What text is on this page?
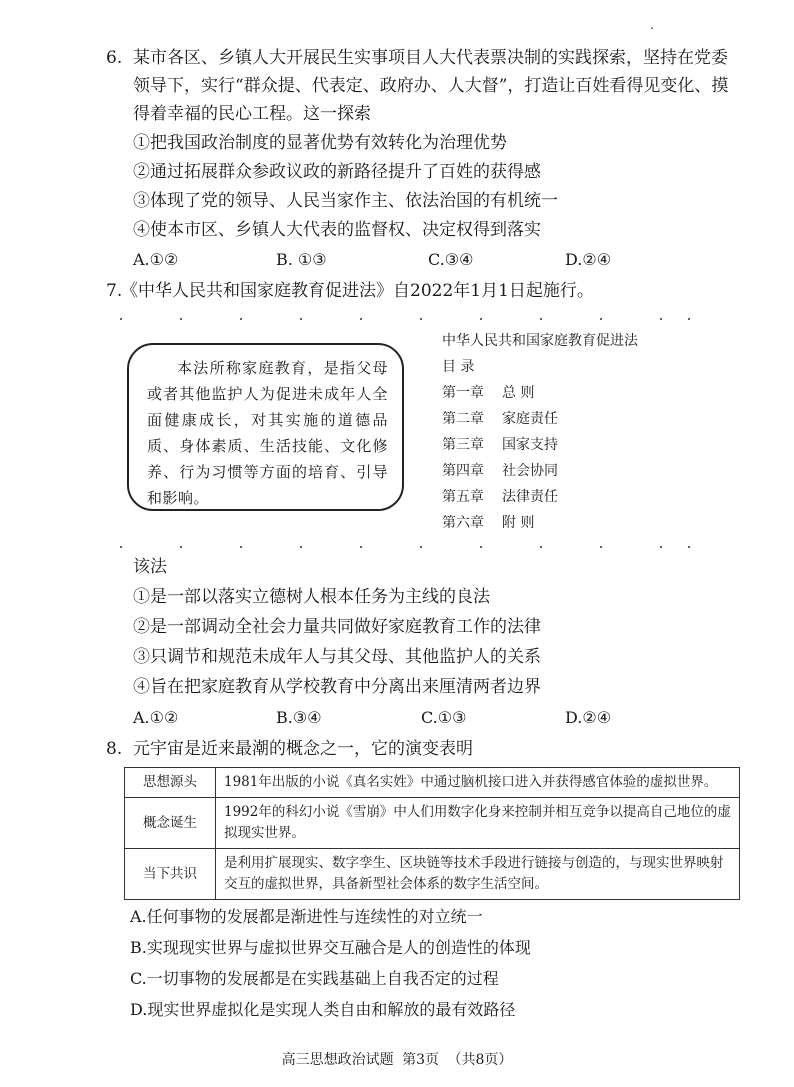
.
6. 某市各区、乡镇人大开展民生实事项目人大代表票决制的实践探索，坚持在党委
领导下，实行“群众提、代表定、政府办、人大督”，打造让百姓看得见变化、摸
得着幸福的民心工程。这一探索
①把我国政治制度的显著优势有效转化为治理优势
②通过拓展群众参政议政的新路径提升了百姓的获得感
③体现了党的领导、人民当家作主、依法治国的有机统一
④使本市区、乡镇人大代表的监督权、决定权得到落实
A.①②	B. ①③	C.③④	D.②④
7.
《中华人民共和国家庭教育促进法》自2022年1月1日起施行。
本法所称家庭教育，是指父母或者其他监护人为促进未成年人全面健康成长，对其实施的道德品质、身体素质、生活技能、文化修养、行为习惯等方面的培育、引导和影响。
中华人民共和国家庭教育促进法
目 录
第一章 总 则
第二章 家庭责任
第三章 国家支持
第四章 社会协同
第五章 法律责任
第六章 附 则
该法
①是一部以落实立德树人根本任务为主线的良法
②是一部调动全社会力量共同做好家庭教育工作的法律
③只调节和规范未成年人与其父母、其他监护人的关系
④旨在把家庭教育从学校教育中分离出来厘清两者边界
A.①②	B.③④	C.①③	D.②④
8. 元宇宙是近来最潮的概念之一，它的演变表明
思想源头	1981年出版的小说《真名实姓》中通过脑机接口进入并获得感官体验的虚拟世界。
概念诞生	1992年的科幻小说《雪崩》中人们用数字化身来控制并相互竞争以提高自己地位的虚拟现实世界。
当下共识	是利用扩展现实、数字孪生、区块链等技术手段进行链接与创造的，与现实世界映射交互的虚拟世界，具备新型社会体系的数字生活空间。
A.任何事物的发展都是渐进性与连续性的对立统一
B.实现现实世界与虚拟世界交互融合是人的创造性的体现
C.一切事物的发展都是在实践基础上自我否定的过程
D.现实世界虚拟化是实现人类自由和解放的最有效路径
高三思想政治试题 第3页 （共8页）
